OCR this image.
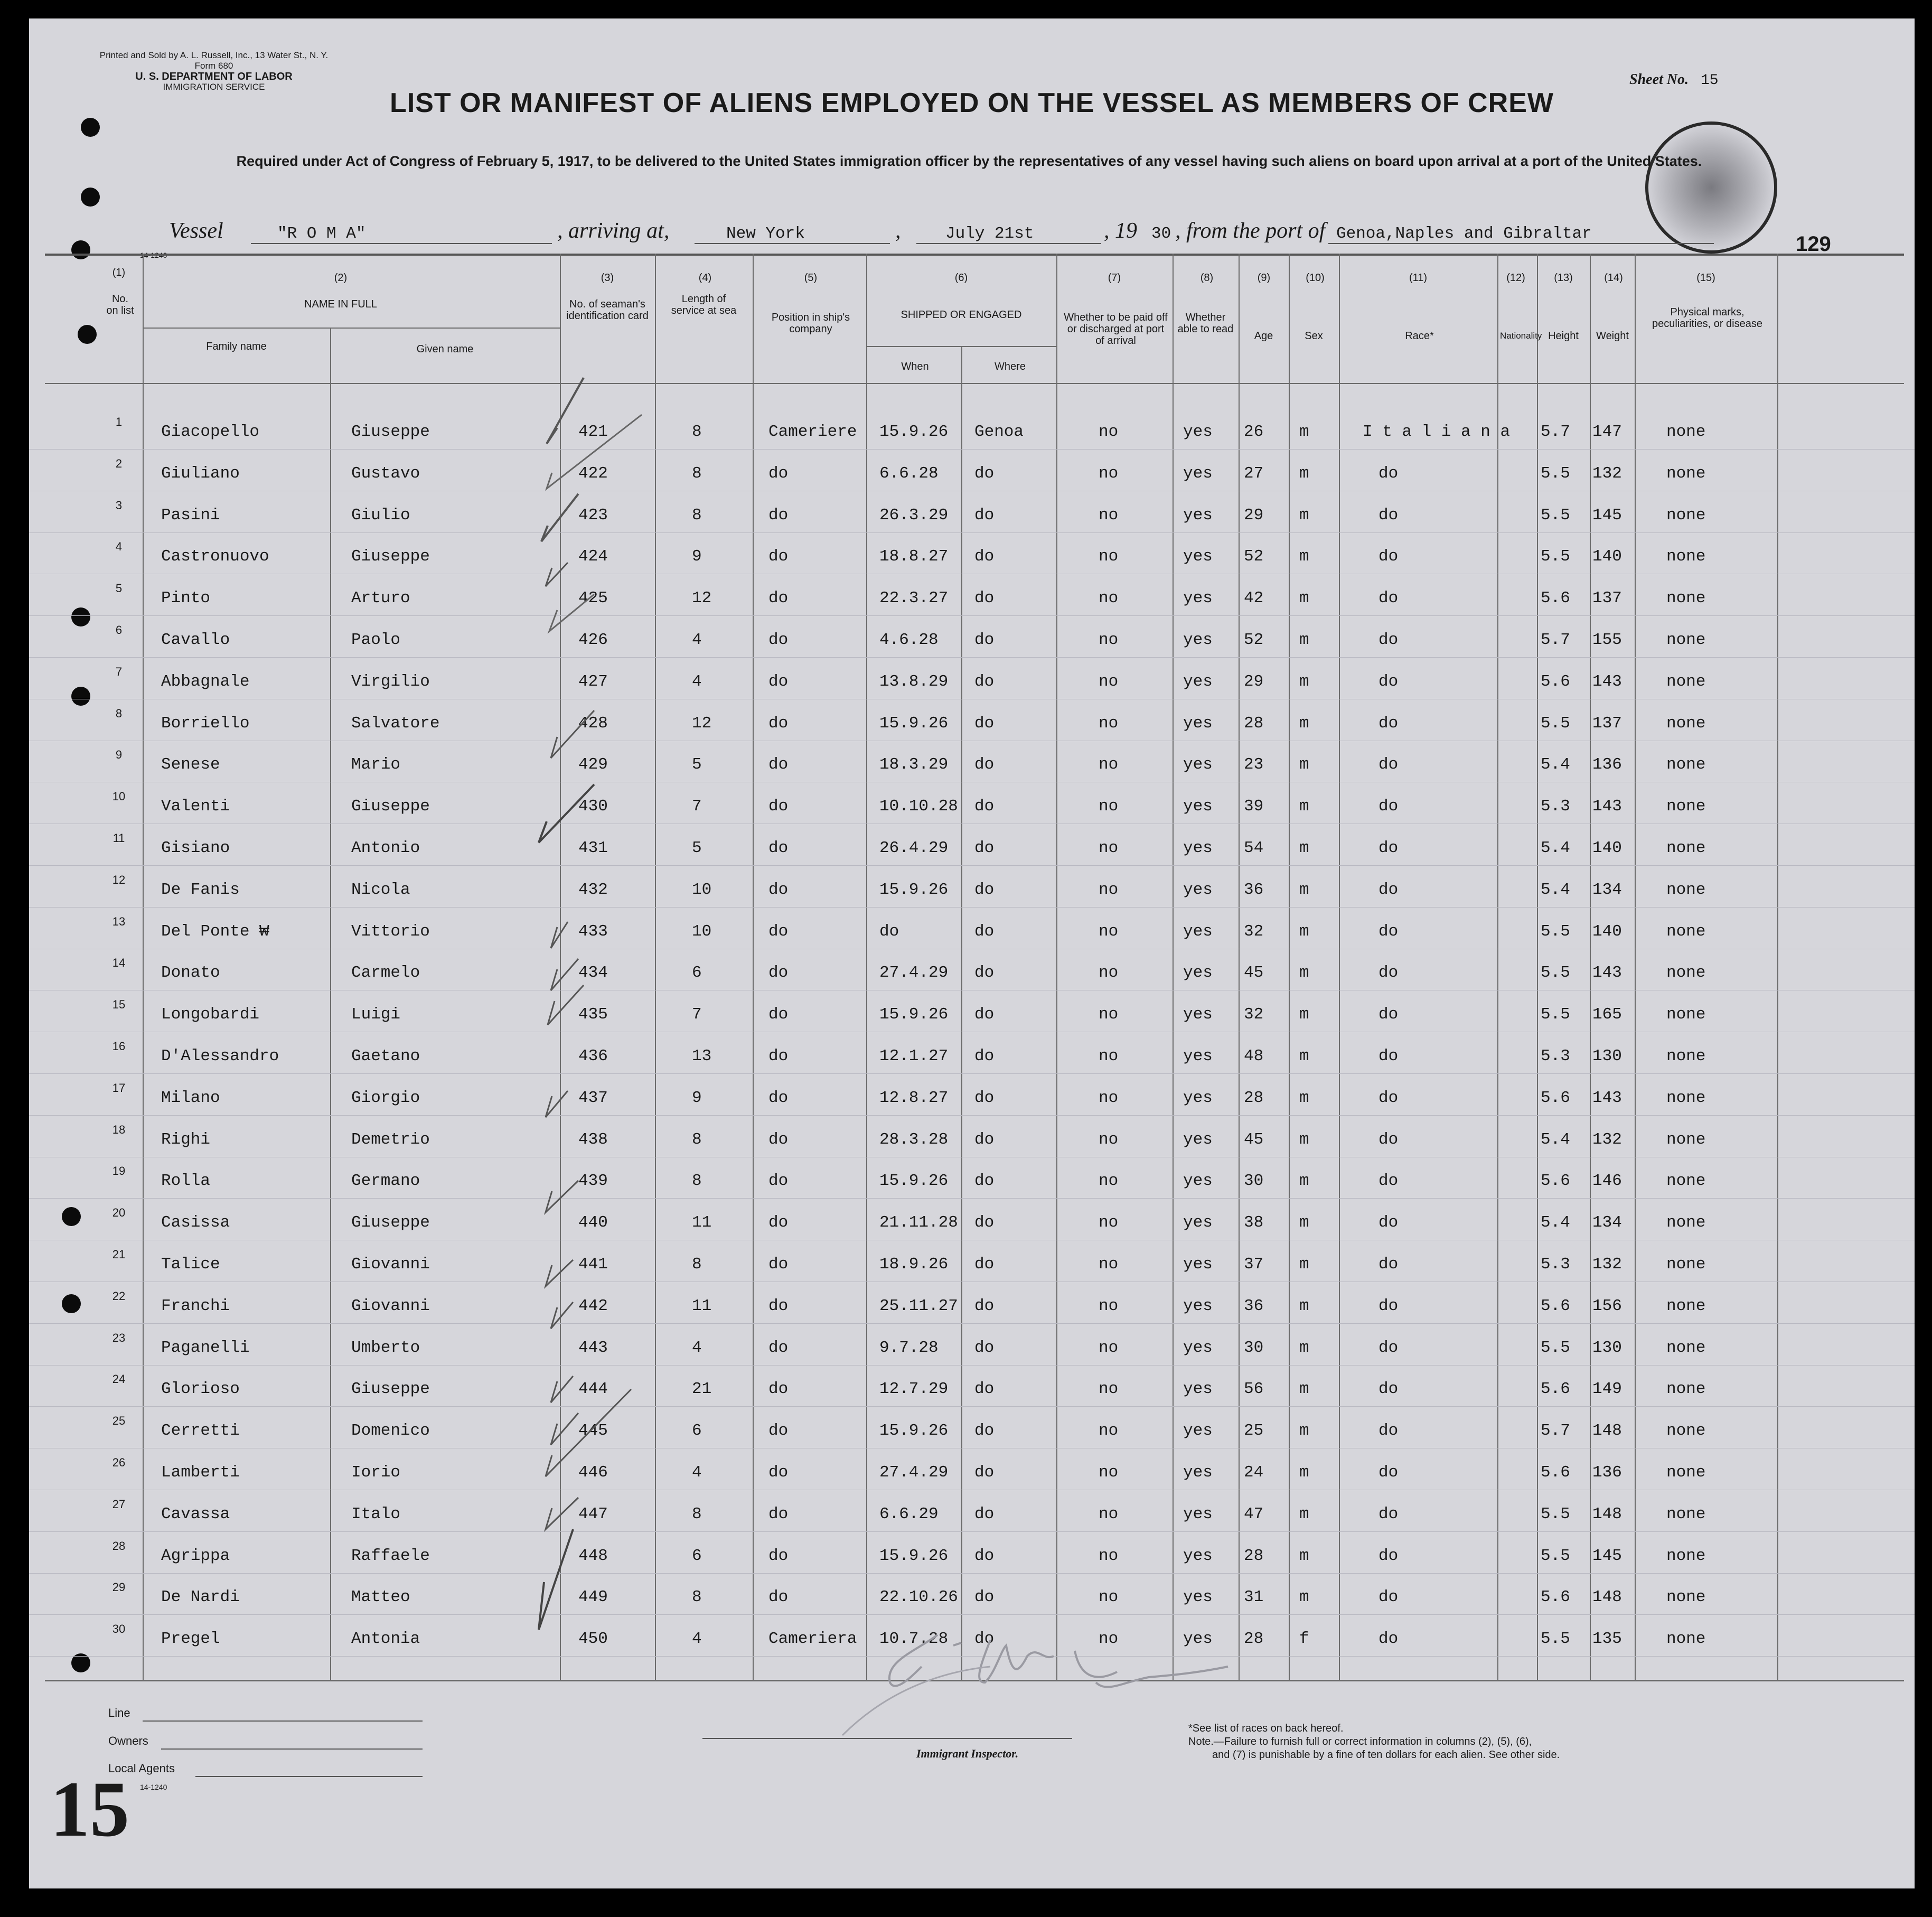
Printed and Sold by A. L. Russell, Inc., 13 Water St., N. Y.
Form 680
U. S. DEPARTMENT OF LABOR
IMMIGRATION SERVICE	Sheet No. 15
LIST OR MANIFEST OF ALIENS EMPLOYED ON THE VESSEL AS MEMBERS OF CREW
Required under Act of Congress of February 5, 1917, to be delivered to the United States immigration officer by the representatives of any vessel having such aliens on board upon arrival at a port of the United States.
Vessel	"R O M A"	, arriving at,	New York	,	July 21st	, 19 30 , from the port of Genoa,Naples and Gibraltar	129
14-1240
(1)
No. on list
(2)
NAME IN FULL
Family name	Given name
(3)
No. of seaman's identification card
(4)
Length of service at sea
(5)
Position in ship's company
(6)
SHIPPED OR ENGAGED
When	Where
(7)
Whether to be paid off or discharged at port of arrival
(8)
Whether able to read
(9)
Age
(10)
Sex
(11)
Race*
(12)
Nationality
(13)
Height
(14)
Weight
(15)
Physical marks, peculiarities, or disease
1
Giacopello	Giuseppe	421	8	Cameriere 15.9.26 Genoa	no	yes 26 m	I t a l i a n a 5.7 147	none
2
Giuliano	Gustavo	422	8	do	6.6.28 do	no	yes 27 m	do	5.5 132	none
3
Pasini	Giulio	423	8	do	26.3.29 do	no	yes 29 m	do	5.5 145	none
4
Castronuovo	Giuseppe	424	9	do	18.8.27 do	no	yes 52 m	do	5.5 140	none
5
Pinto	Arturo	425	12	do	22.3.27 do	no	yes 42 m	do	5.6 137	none
6
Cavallo	Paolo	426	4	do	4.6.28 do	no	yes 52 m	do	5.7 155	none
7
Abbagnale	Virgilio	427	4	do	13.8.29 do	no	yes 29 m	do	5.6 143	none
8
Borriello	Salvatore	428	12	do	15.9.26 do	no	yes 28 m	do	5.5 137	none
9
Senese	Mario	429	5	do	18.3.29 do	no	yes 23 m	do	5.4 136	none
10
Valenti	Giuseppe	430	7	do	10.10.28 do	no	yes 39 m	do	5.3 143	none
11
Gisiano	Antonio	431	5	do	26.4.29 do	no	yes 54 m	do	5.4 140	none
12
De Fanis	Nicola	432	10	do	15.9.26 do	no	yes 36 m	do	5.4 134	none
13
Del Ponte ₩	Vittorio	433	10	do	do	do	no	yes 32 m	do	5.5 140	none
14
Donato	Carmelo	434	6	do	27.4.29 do	no	yes 45 m	do	5.5 143	none
15
Longobardi	Luigi	435	7	do	15.9.26 do	no	yes 32 m	do	5.5 165	none
16
D'Alessandro	Gaetano	436	13	do	12.1.27 do	no	yes 48 m	do	5.3 130	none
17
Milano	Giorgio	437	9	do	12.8.27 do	no	yes 28 m	do	5.6 143	none
18
Righi	Demetrio	438	8	do	28.3.28 do	no	yes 45 m	do	5.4 132	none
19
Rolla	Germano	439	8	do	15.9.26 do	no	yes 30 m	do	5.6 146	none
20
Casissa	Giuseppe	440	11	do	21.11.28 do	no	yes 38 m	do	5.4 134	none
21
Talice	Giovanni	441	8	do	18.9.26 do	no	yes 37 m	do	5.3 132	none
22
Franchi	Giovanni	442	11	do	25.11.27 do	no	yes 36 m	do	5.6 156	none
23
Paganelli	Umberto	443	4	do	9.7.28 do	no	yes 30 m	do	5.5 130	none
24
Glorioso	Giuseppe	444	21	do	12.7.29 do	no	yes 56 m	do	5.6 149	none
25
Cerretti	Domenico	445	6	do	15.9.26 do	no	yes 25 m	do	5.7 148	none
26
Lamberti	Iorio	446	4	do	27.4.29 do	no	yes 24 m	do	5.6 136	none
27
Cavassa	Italo	447	8	do	6.6.29 do	no	yes 47 m	do	5.5 148	none
28
Agrippa	Raffaele	448	6	do	15.9.26 do	no	yes 28 m	do	5.5 145	none
29
De Nardi	Matteo	449	8	do	22.10.26 do	no	yes 31 m	do	5.6 148	none
30
Pregel	Antonia	450	4	Cameriera 10.7.28 do	no	yes 28 f	do	5.5 135	none
Line
Owners
Local Agents
Immigrant Inspector.
*See list of races on back hereof.
Note.—Failure to furnish full or correct information in columns (2), (5), (6),
and (7) is punishable by a fine of ten dollars for each alien. See other side.
15 14-1240
